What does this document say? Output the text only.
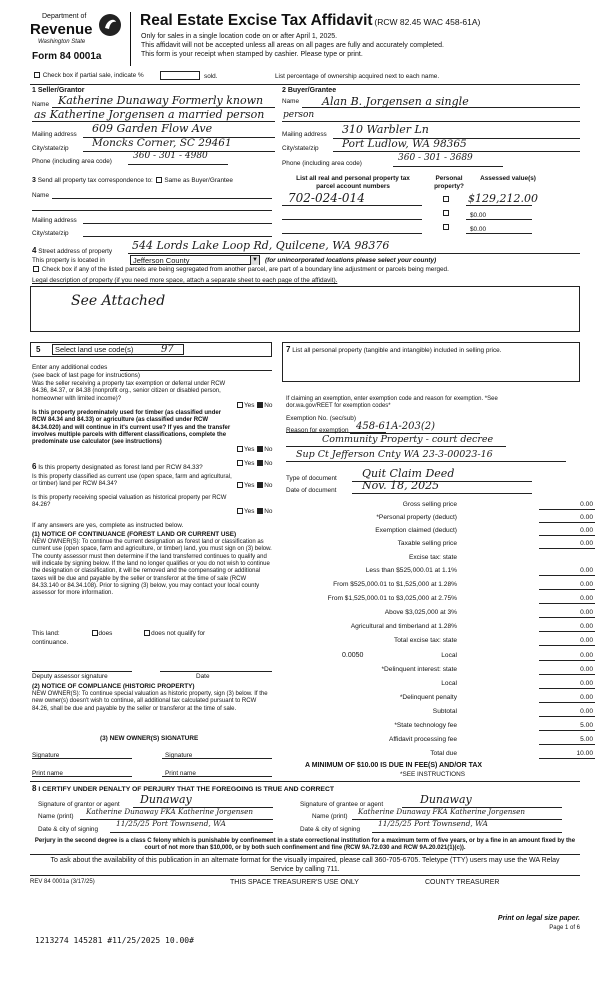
Department of
Revenue
Washington State
Form 84 0001a
Real Estate Excise Tax Affidavit (RCW 82.45 WAC 458-61A)
Only for sales in a single location code on or after April 1, 2025.
This affidavit will not be accepted unless all areas on all pages are fully and accurately completed.
This form is your receipt when stamped by cashier. Please type or print.
Check box if partial sale, indicate %	sold.	List percentage of ownership acquired next to each name.
1 Seller/Grantor
Name Katherine Dunaway Formerly known
as Katherine Jorgensen a married person
Mailing address 609 Garden Flow Ave
City/state/zip Moncks Corner, SC 29461
Phone (including area code)
360 - 301 - 4980
2 Buyer/Grantee
Name Alan B. Jorgensen a single
person
Mailing address 310 Warbler Ln
City/state/zip Port Ludlow, WA 98365
Phone (including area code)
360 - 301 - 3689
3 Send all property tax correspondence to: Same as Buyer/Grantee
Name
Mailing address
City/state/zip
List all real and personal property tax parcel account numbers
Personal property?
Assessed value(s)
702-024-014	$129,212.00
$0.00
$0.00
4 Street address of property 544 Lords Lake Loop Rd, Quilcene, WA 98376
This property is located in	Jefferson County	▼ (for unincorporated locations please select your county)
Check box if any of the listed parcels are being segregated from another parcel, are part of a boundary line adjustment or parcels being merged.
Legal description of property (if you need more space, attach a separate sheet to each page of the affidavit).
See Attached
5 Select land use code(s)	97
Enter any additional codes
(see back of last page for instructions)
Was the seller receiving a property tax exemption or deferral under RCW 84.36, 84.37, or 84.38 (nonprofit org., senior citizen or disabled person, homeowner with limited income)?
Yes No
Is this property predominately used for timber (as classified under RCW 84.34 and 84.33) or agriculture (as classified under RCW 84.34.020) and will continue in it's current use? If yes and the transfer involves multiple parcels with different classifications, complete the predominate use calculator (see instructions)
Yes No
6 Is this property designated as forest land per RCW 84.33?
Yes No
Is this property classified as current use (open space, farm and agricultural, or timber) land per RCW 84.34?	Yes No
Is this property receiving special valuation as historical property per RCW 84.26?
Yes No
If any answers are yes, complete as instructed below.
(1) NOTICE OF CONTINUANCE (FOREST LAND OR CURRENT USE)
NEW OWNER(S): To continue the current designation as forest land or classification as current use (open space, farm and agriculture, or timber) land, you must sign on (3) below. The county assessor must then determine if the land transferred continues to qualify and will indicate by signing below. If the land no longer qualifies or you do not wish to continue the designation or classification, it will be removed and the compensating or additional taxes will be due and payable by the seller or transferor at the time of sale (RCW 84.33.140 or 84.34.108). Prior to signing (3) below, you may contact your local county assessor for more information.
This land:	does	does not qualify for
continuance.
Deputy assessor signature	Date
(2) NOTICE OF COMPLIANCE (HISTORIC PROPERTY)
NEW OWNER(S): To continue special valuation as historic property, sign (3) below. If the new owner(s) doesn't wish to continue, all additional tax calculated pursuant to RCW 84.26, shall be due and payable by the seller or transferor at the time of sale.
(3) NEW OWNER(S) SIGNATURE
Signature	Signature
Print name	Print name
7 List all personal property (tangible and intangible) included in selling price.
If claiming an exemption, enter exemption code and reason for exemption. *See dor.wa.gov/REET for exemption codes*
Exemption No. (sec/sub)
458-61A-203(2)
Reason for exemption
Community Property - court decree
Sup Ct Jefferson Cnty WA 23-3-00023-16
Type of document Quit Claim Deed
Date of document Nov. 18, 2025
Gross selling price	0.00
*Personal property (deduct)	0.00
Exemption claimed (deduct)	0.00
Taxable selling price	0.00
Excise tax: state
Less than $525,000.01 at 1.1%	0.00
From $525,000.01 to $1,525,000 at 1.28%	0.00
From $1,525,000.01 to $3,025,000 at 2.75%	0.00
Above $3,025,000 at 3%	0.00
Agricultural and timberland at 1.28%	0.00
Total excise tax: state	0.00
0.0050	Local	0.00
*Delinquent interest: state	0.00
Local	0.00
*Delinquent penalty	0.00
Subtotal	0.00
*State technology fee	5.00
Affidavit processing fee	5.00
Total due	10.00
A MINIMUM OF $10.00 IS DUE IN FEE(S) AND/OR TAX
*SEE INSTRUCTIONS
8 I CERTIFY UNDER PENALTY OF PERJURY THAT THE FOREGOING IS TRUE AND CORRECT
Signature of grantor or agent Dunaway
Name (print)
Katherine Dunaway FKA Katherine Jorgensen
Date & city of signing
11/25/25 Port Townsend, WA
Signature of grantee or agent	Dunaway
Name (print)
Katherine Dunaway FKA Katherine Jorgensen
Date & city of signing
11/25/25 Port Townsend, WA
Perjury in the second degree is a class C felony which is punishable by confinement in a state correctional institution for a maximum term of five years, or by a fine in an amount fixed by the court of not more than $10,000, or by both such confinement and fine (RCW 9A.72.030 and RCW 9A.20.021(1)(c)).
To ask about the availability of this publication in an alternate format for the visually impaired, please call 360-705-6705. Teletype (TTY) users may use the WA Relay Service by calling 711.
REV 84 0001a (3/17/25)	THIS SPACE TREASURER'S USE ONLY	COUNTY TREASURER
Print on legal size paper.
Page 1 of 6
1213274 145281 #11/25/2025 10.00#
